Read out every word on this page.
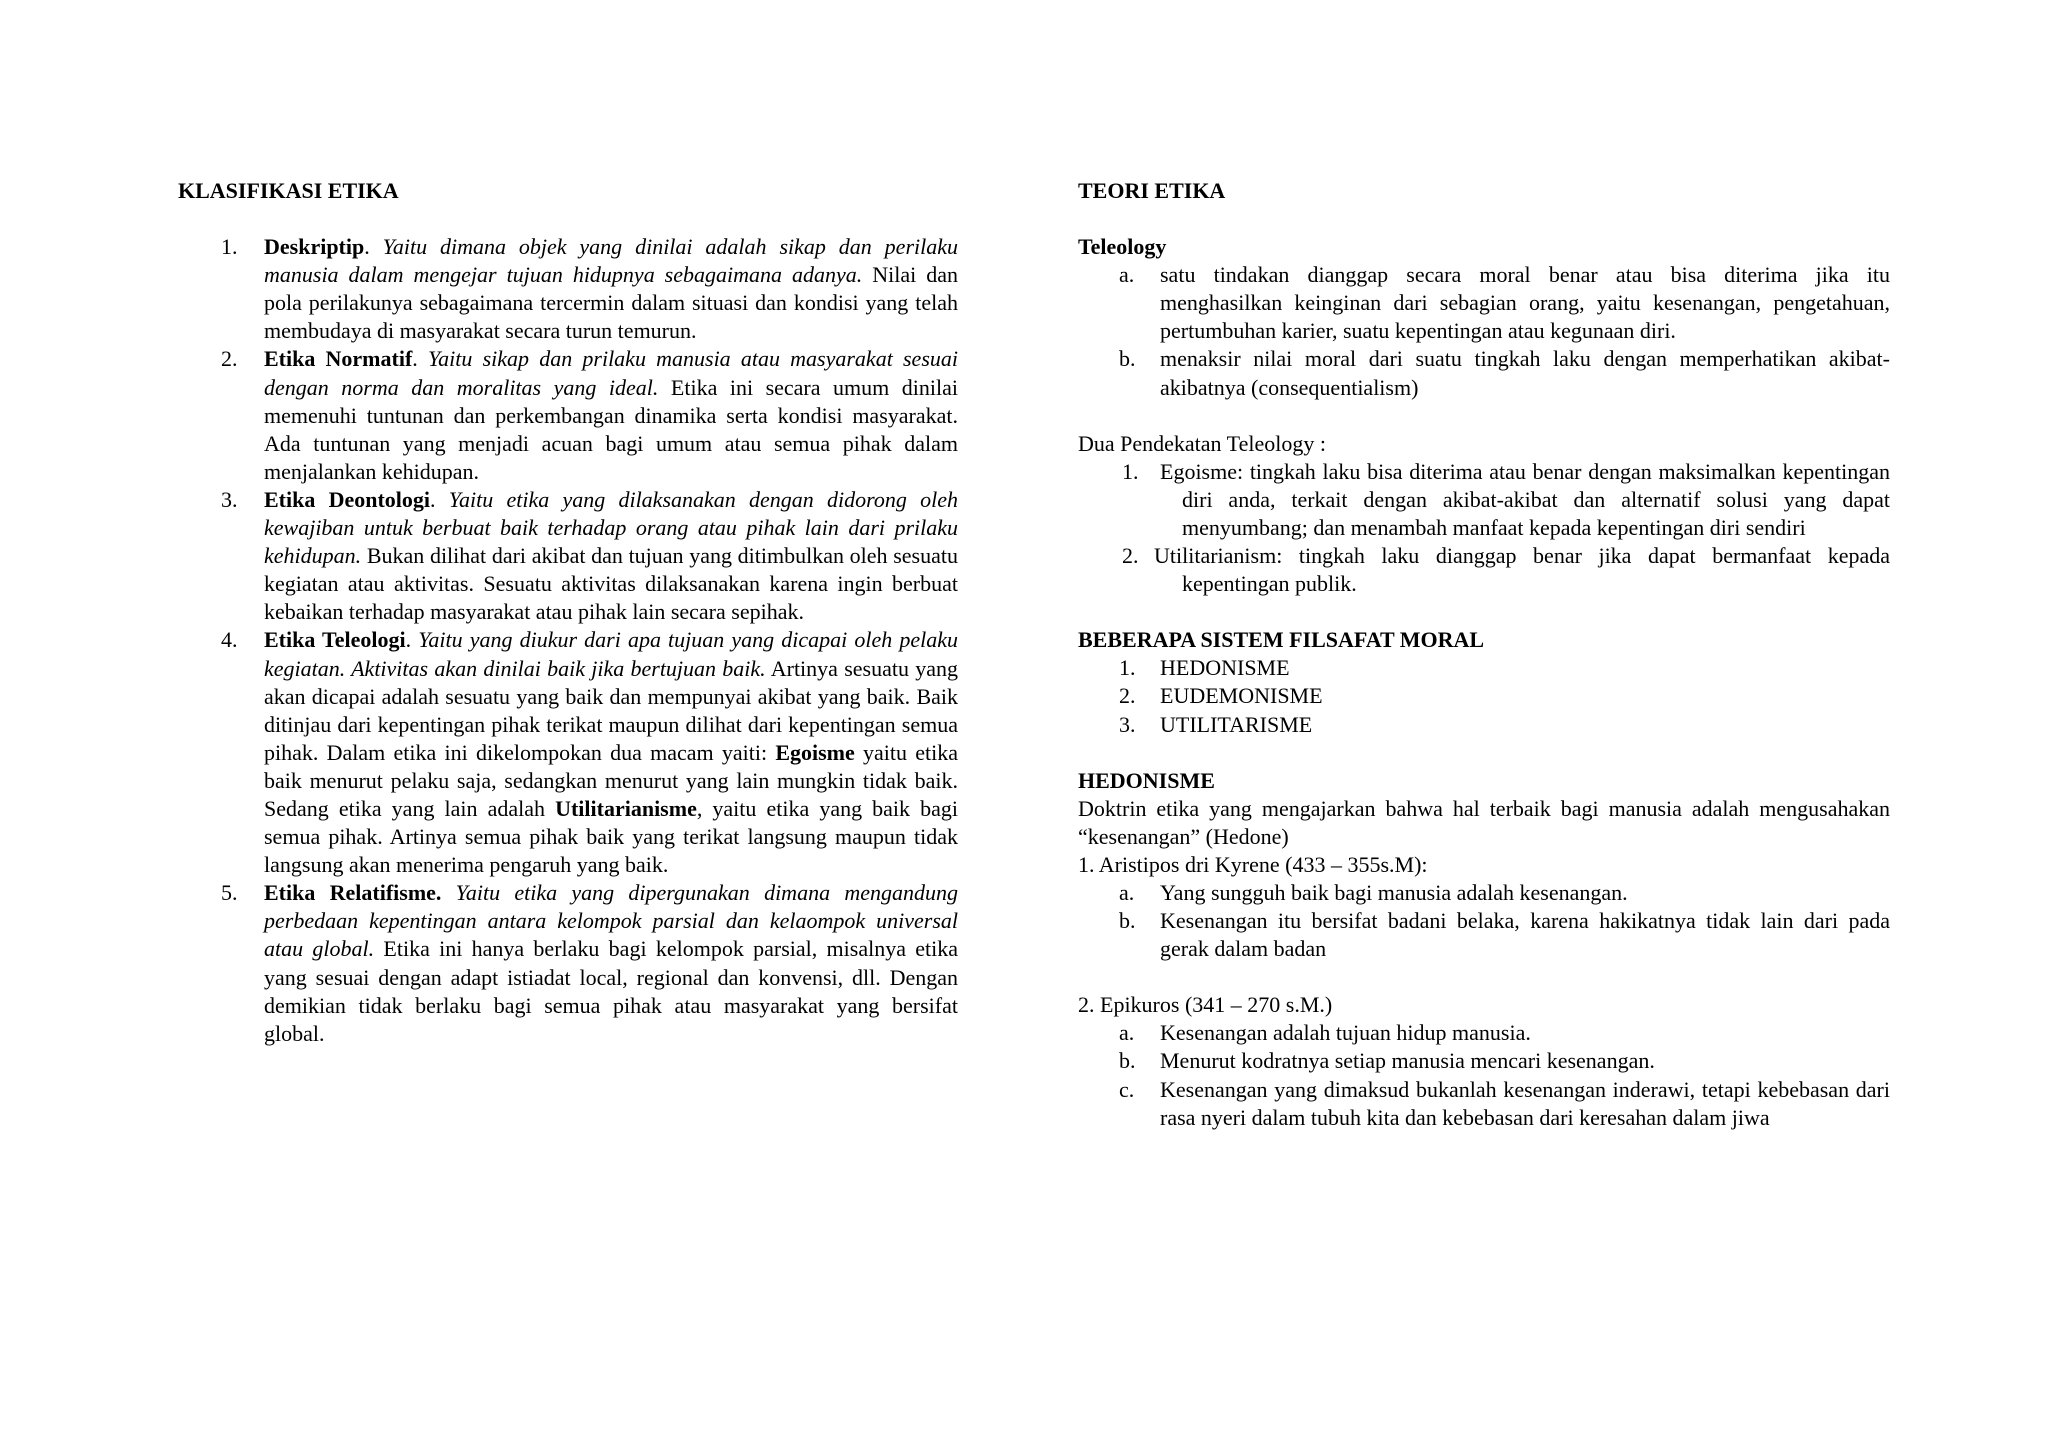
KLASIFIKASI ETIKA

1. Deskriptip. Yaitu dimana objek yang dinilai adalah sikap dan perilaku manusia dalam mengejar tujuan hidupnya sebagaimana adanya. Nilai dan pola perilakunya sebagaimana tercermin dalam situasi dan kondisi yang telah membudaya di masyarakat secara turun temurun.
2. Etika Normatif. Yaitu sikap dan prilaku manusia atau masyarakat sesuai dengan norma dan moralitas yang ideal. Etika ini secara umum dinilai memenuhi tuntunan dan perkembangan dinamika serta kondisi masyarakat. Ada tuntunan yang menjadi acuan bagi umum atau semua pihak dalam menjalankan kehidupan.
3. Etika Deontologi. Yaitu etika yang dilaksanakan dengan didorong oleh kewajiban untuk berbuat baik terhadap orang atau pihak lain dari prilaku kehidupan. Bukan dilihat dari akibat dan tujuan yang ditimbulkan oleh sesuatu kegiatan atau aktivitas. Sesuatu aktivitas dilaksanakan karena ingin berbuat kebaikan terhadap masyarakat atau pihak lain secara sepihak.
4. Etika Teleologi. Yaitu yang diukur dari apa tujuan yang dicapai oleh pelaku kegiatan. Aktivitas akan dinilai baik jika bertujuan baik. Artinya sesuatu yang akan dicapai adalah sesuatu yang baik dan mempunyai akibat yang baik. Baik ditinjau dari kepentingan pihak terikat maupun dilihat dari kepentingan semua pihak. Dalam etika ini dikelompokan dua macam yaiti: Egoisme yaitu etika baik menurut pelaku saja, sedangkan menurut yang lain mungkin tidak baik. Sedang etika yang lain adalah Utilitarianisme, yaitu etika yang baik bagi semua pihak. Artinya semua pihak baik yang terikat langsung maupun tidak langsung akan menerima pengaruh yang baik.
5. Etika Relatifisme. Yaitu etika yang dipergunakan dimana mengandung perbedaan kepentingan antara kelompok parsial dan kelaompok universal atau global. Etika ini hanya berlaku bagi kelompok parsial, misalnya etika yang sesuai dengan adapt istiadat local, regional dan konvensi, dll. Dengan demikian tidak berlaku bagi semua pihak atau masyarakat yang bersifat global.

TEORI ETIKA

Teleology

a. satu tindakan dianggap secara moral benar atau bisa diterima jika itu menghasilkan keinginan dari sebagian orang, yaitu kesenangan, pengetahuan, pertumbuhan karier, suatu kepentingan atau kegunaan diri.
b. menaksir nilai moral dari suatu tingkah laku dengan memperhatikan akibat-akibatnya (consequentialism)

Dua Pendekatan Teleology :

1. Egoisme: tingkah laku bisa diterima atau benar dengan maksimalkan kepentingan diri anda, terkait dengan akibat-akibat dan alternatif solusi yang dapat menyumbang; dan menambah manfaat kepada kepentingan diri sendiri
2. Utilitarianism: tingkah laku dianggap benar jika dapat bermanfaat kepada kepentingan publik.

BEBERAPA SISTEM FILSAFAT MORAL

1. HEDONISME
2. EUDEMONISME
3. UTILITARISME

HEDONISME

Doktrin etika yang mengajarkan bahwa hal terbaik bagi manusia adalah mengusahakan “kesenangan” (Hedone)

1. Aristipos dri Kyrene (433 – 355s.M):

a. Yang sungguh baik bagi manusia adalah kesenangan.
b. Kesenangan itu bersifat badani belaka, karena hakikatnya tidak lain dari pada gerak dalam badan

2. Epikuros (341 – 270 s.M.)

a. Kesenangan adalah tujuan hidup manusia.
b. Menurut kodratnya setiap manusia mencari kesenangan.
c. Kesenangan yang dimaksud bukanlah kesenangan inderawi, tetapi kebebasan dari rasa nyeri dalam tubuh kita dan kebebasan dari keresahan dalam jiwa
